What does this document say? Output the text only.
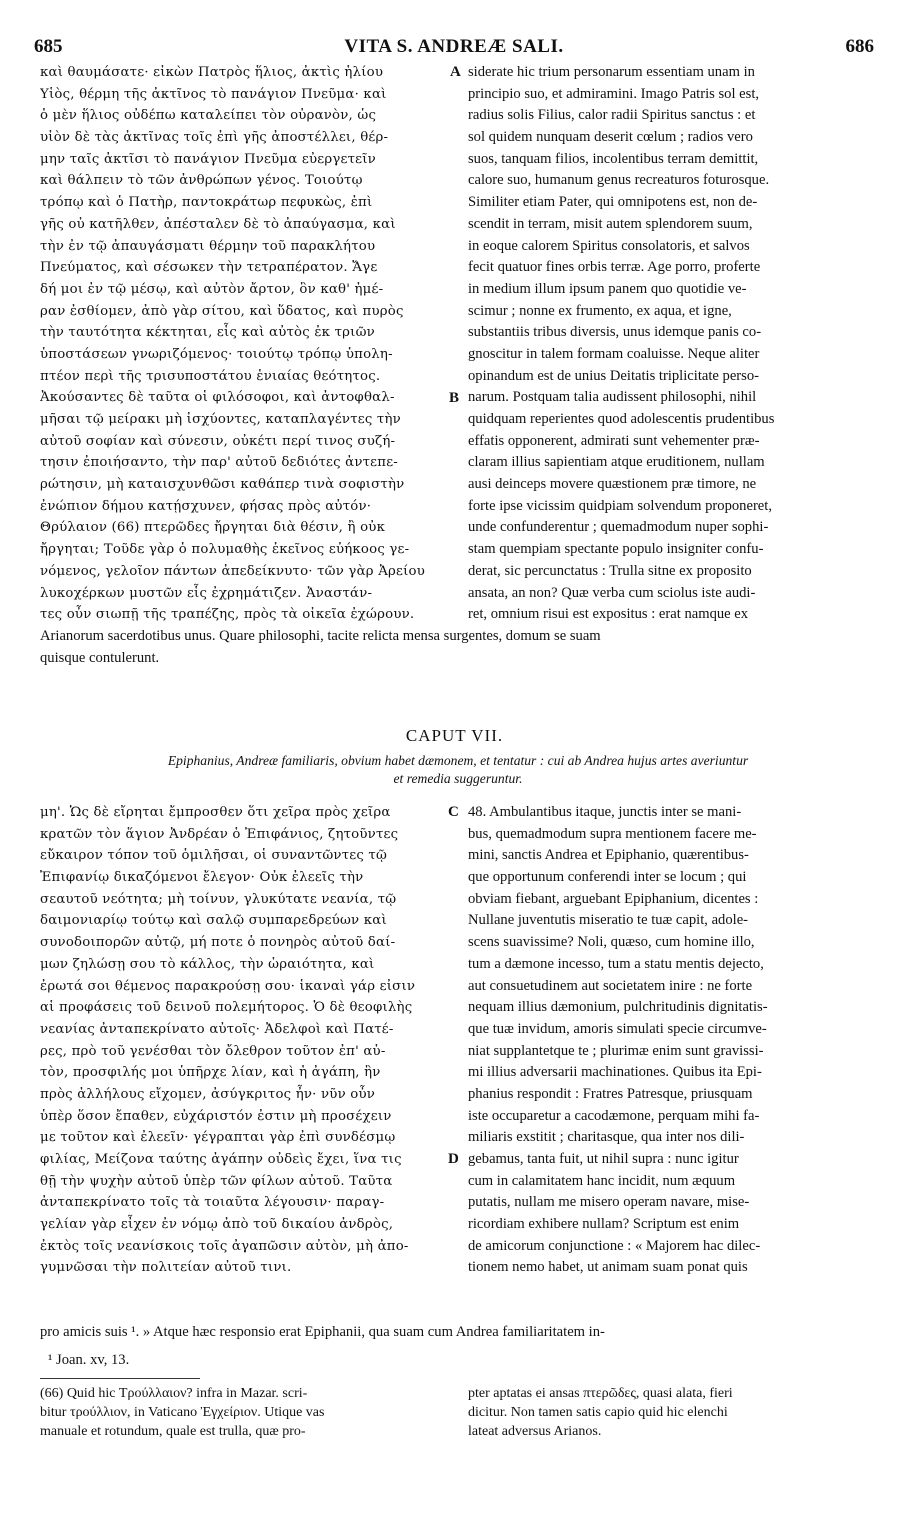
685	VITA S. ANDREÆ SALI.	686
καὶ θαυμάσατε· εἰκὼν Πατρὸς ἥλιος, ἀκτὶς ἡλίου
Υἱὸς, θέρμη τῆς ἀκτῖνος τὸ πανάγιον Πνεῦμα· καὶ
ὁ μὲν ἥλιος οὐδέπω καταλείπει τὸν οὐρανὸν, ὡς
υἱὸν δὲ τὰς ἀκτῖνας τοῖς ἐπὶ γῆς ἀποστέλλει, θέρ-
μην ταῖς ἀκτῖσι τὸ πανάγιον Πνεῦμα εὐεργετεῖν
καὶ θάλπειν τὸ τῶν ἀνθρώπων γένος. Τοιούτῳ
τρόπῳ καὶ ὁ Πατὴρ, παντοκράτωρ πεφυκὼς, ἐπὶ
γῆς οὐ κατῆλθεν, ἀπέσταλεν δὲ τὸ ἀπαύγασμα, καὶ
τὴν ἐν τῷ ἀπαυγάσματι θέρμην τοῦ παρακλήτου
Πνεύματος, καὶ σέσωκεν τὴν τετραπέρατον. Ἄγε
δή μοι ἐν τῷ μέσῳ, καὶ αὐτὸν ἄρτον, ὃν καθ' ἡμέ-
ραν ἐσθίομεν, ἀπὸ γὰρ σίτου, καὶ ὕδατος, καὶ πυρὸς
τὴν ταυτότητα κέκτηται, εἷς καὶ αὐτὸς ἐκ τριῶν
ὑποστάσεων γνωριζόμενος· τοιούτῳ τρόπῳ ὑπολη-
πτέον περὶ τῆς τρισυποστάτου ἑνιαίας θεότητος.
Ἀκούσαντες δὲ ταῦτα οἱ φιλόσοφοι, καὶ ἀντοφθαλ-
μῆσαι τῷ μείρακι μὴ ἰσχύοντες, καταπλαγέντες τὴν
αὐτοῦ σοφίαν καὶ σύνεσιν, οὐκέτι περί τινος συζή-
τησιν ἐποιήσαντο, τὴν παρ' αὐτοῦ δεδιότες ἀντεπε-
ρώτησιν, μὴ καταισχυνθῶσι καθάπερ τινὰ σοφιστὴν
ἐνώπιον δήμου κατῄσχυνεν, φήσας πρὸς αὐτόν·
Θρύλαιον (66) πτερῶδες ἤργηται διὰ θέσιν, ἢ οὐκ
ἤργηται; Τοῦδε γὰρ ὁ πολυμαθὴς ἐκεῖνος εὐήκοος γε-
νόμενος, γελοῖον πάντων ἀπεδείκνυτο· τῶν γὰρ Ἀρείου
λυκοχέρκων μυστῶν εἷς ἐχρημάτιζεν. Ἀναστάν-
τες οὖν σιωπῇ τῆς τραπέζης, πρὸς τὰ οἰκεῖα ἐχώρουν.
siderate hic trium personarum essentiam unam in
principio suo, et admiramini. Imago Patris sol est,
radius solis Filius, calor radii Spiritus sanctus : et
sol quidem nunquam deserit cœlum ; radios vero
suos, tanquam filios, incolentibus terram demittit,
calore suo, humanum genus recreaturos foturosque.
Similiter etiam Pater, qui omnipotens est, non de-
scendit in terram, misit autem splendorem suum,
in eoque calorem Spiritus consolatoris, et salvos
fecit quatuor fines orbis terræ. Age porro, proferte
in medium illum ipsum panem quo quotidie ve-
scimur ; nonne ex frumento, ex aqua, et igne,
substantiis tribus diversis, unus idemque panis co-
gnoscitur in talem formam coaluisse. Neque aliter
opinandum est de unius Deitatis triplicitate perso-
narum. Postquam talia audissent philosophi, nihil
quidquam reperientes quod adolescentis prudentibus
effatis opponerent, admirati sunt vehementer præ-
claram illius sapientiam atque eruditionem, nullam
ausi deinceps movere quæstionem præ timore, ne
forte ipse vicissim quidpiam solvendum proponeret,
unde confunderentur ; quemadmodum nuper sophi-
stam quempiam spectante populo insigniter confu-
derat, sic percunctatus : Trulla sitne ex proposito
ansata, an non? Quæ verba cum sciolus iste audi-
ret, omnium risui est expositus : erat namque ex
A
B
Arianorum sacerdotibus unus. Quare philosophi, tacite relicta mensa surgentes, domum se suam
quisque contulerunt.
CAPUT VII.
Epiphanius, Andreæ familiaris, obvium habet dæmonem, et tentatur : cui ab Andrea hujus artes averiuntur
et remedia suggeruntur.
μη'. Ὡς δὲ εἴρηται ἔμπροσθεν ὅτι χεῖρα πρὸς χεῖρα
κρατῶν τὸν ἅγιον Ἀνδρέαν ὁ Ἐπιφάνιος, ζητοῦντες
εὔκαιρον τόπον τοῦ ὁμιλῆσαι, οἱ συναντῶντες τῷ
Ἐπιφανίῳ δικαζόμενοι ἔλεγον· Οὐκ ἐλεεῖς τὴν
σεαυτοῦ νεότητα; μὴ τοίνυν, γλυκύτατε νεανία, τῷ
δαιμονιαρίῳ τούτῳ καὶ σαλῷ συμπαρεδρεύων καὶ
συνοδοιπορῶν αὐτῷ, μή ποτε ὁ πονηρὸς αὐτοῦ δαί-
μων ζηλώσῃ σου τὸ κάλλος, τὴν ὡραιότητα, καὶ
ἐρωτά σοι θέμενος παρακρούσῃ σου· ἱκαναὶ γάρ εἰσιν
αἱ προφάσεις τοῦ δεινοῦ πολεμήτορος. Ὁ δὲ θεοφιλὴς
νεανίας ἀνταπεκρίνατο αὐτοῖς· Ἀδελφοὶ καὶ Πατέ-
ρες, πρὸ τοῦ γενέσθαι τὸν ὄλεθρον τοῦτον ἐπ' αὐ-
τὸν, προσφιλής μοι ὑπῆρχε λίαν, καὶ ἡ ἀγάπη, ἣν
πρὸς ἀλλήλους εἴχομεν, ἀσύγκριτος ἦν· νῦν οὖν
ὑπὲρ ὅσον ἔπαθεν, εὐχάριστόν ἐστιν μὴ προσέχειν
με τοῦτον καὶ ἐλεεῖν· γέγραπται γὰρ ἐπὶ συνδέσμῳ
φιλίας, Μείζονα ταύτης ἀγάπην οὐδεὶς ἔχει, ἵνα τις
θῇ τὴν ψυχὴν αὐτοῦ ὑπὲρ τῶν φίλων αὐτοῦ. Ταῦτα
ἀνταπεκρίνατο τοῖς τὰ τοιαῦτα λέγουσιν· παραγ-
γελίαν γὰρ εἶχεν ἐν νόμῳ ἀπὸ τοῦ δικαίου ἀνδρὸς,
ἐκτὸς τοῖς νεανίσκοις τοῖς ἀγαπῶσιν αὐτὸν, μὴ ἀπο-
γυμνῶσαι τὴν πολιτείαν αὐτοῦ τινι.
48. Ambulantibus itaque, junctis inter se mani-
bus, quemadmodum supra mentionem facere me-
mini, sanctis Andrea et Epiphanio, quærentibus-
que opportunum conferendi inter se locum ; qui
obviam fiebant, arguebant Epiphanium, dicentes :
Nullane juventutis miseratio te tuæ capit, adole-
scens suavissime? Noli, quæso, cum homine illo,
tum a dæmone incesso, tum a statu mentis dejecto,
aut consuetudinem aut societatem inire : ne forte
nequam illius dæmonium, pulchritudinis dignitatis-
que tuæ invidum, amoris simulati specie circumve-
niat supplantetque te ; plurimæ enim sunt gravissi-
mi illius adversarii machinationes. Quibus ita Epi-
phanius respondit : Fratres Patresque, priusquam
iste occuparetur a cacodæmone, perquam mihi fa-
miliaris exstitit ; charitasque, qua inter nos dili-
gebamus, tanta fuit, ut nihil supra : nunc igitur
cum in calamitatem hanc incidit, num æquum
putatis, nullam me misero operam navare, mise-
ricordiam exhibere nullam? Scriptum est enim
de amicorum conjunctione : « Majorem hac dilec-
tionem nemo habet, ut animam suam ponat quis
C
D
pro amicis suis ¹. » Atque hæc responsio erat Epiphanii, qua suam cum Andrea familiaritatem in-
¹ Joan. xv, 13.
(66) Quid hic Τρούλλαιον? infra in Mazar. scri-
bitur τρούλλιον, in Vaticano Ἐγχείριον. Utique vas
manuale et rotundum, quale est trulla, quæ pro-
pter aptatas ei ansas πτερῶδες, quasi alata, fieri
dicitur. Non tamen satis capio quid hic elenchi
lateat adversus Arianos.
